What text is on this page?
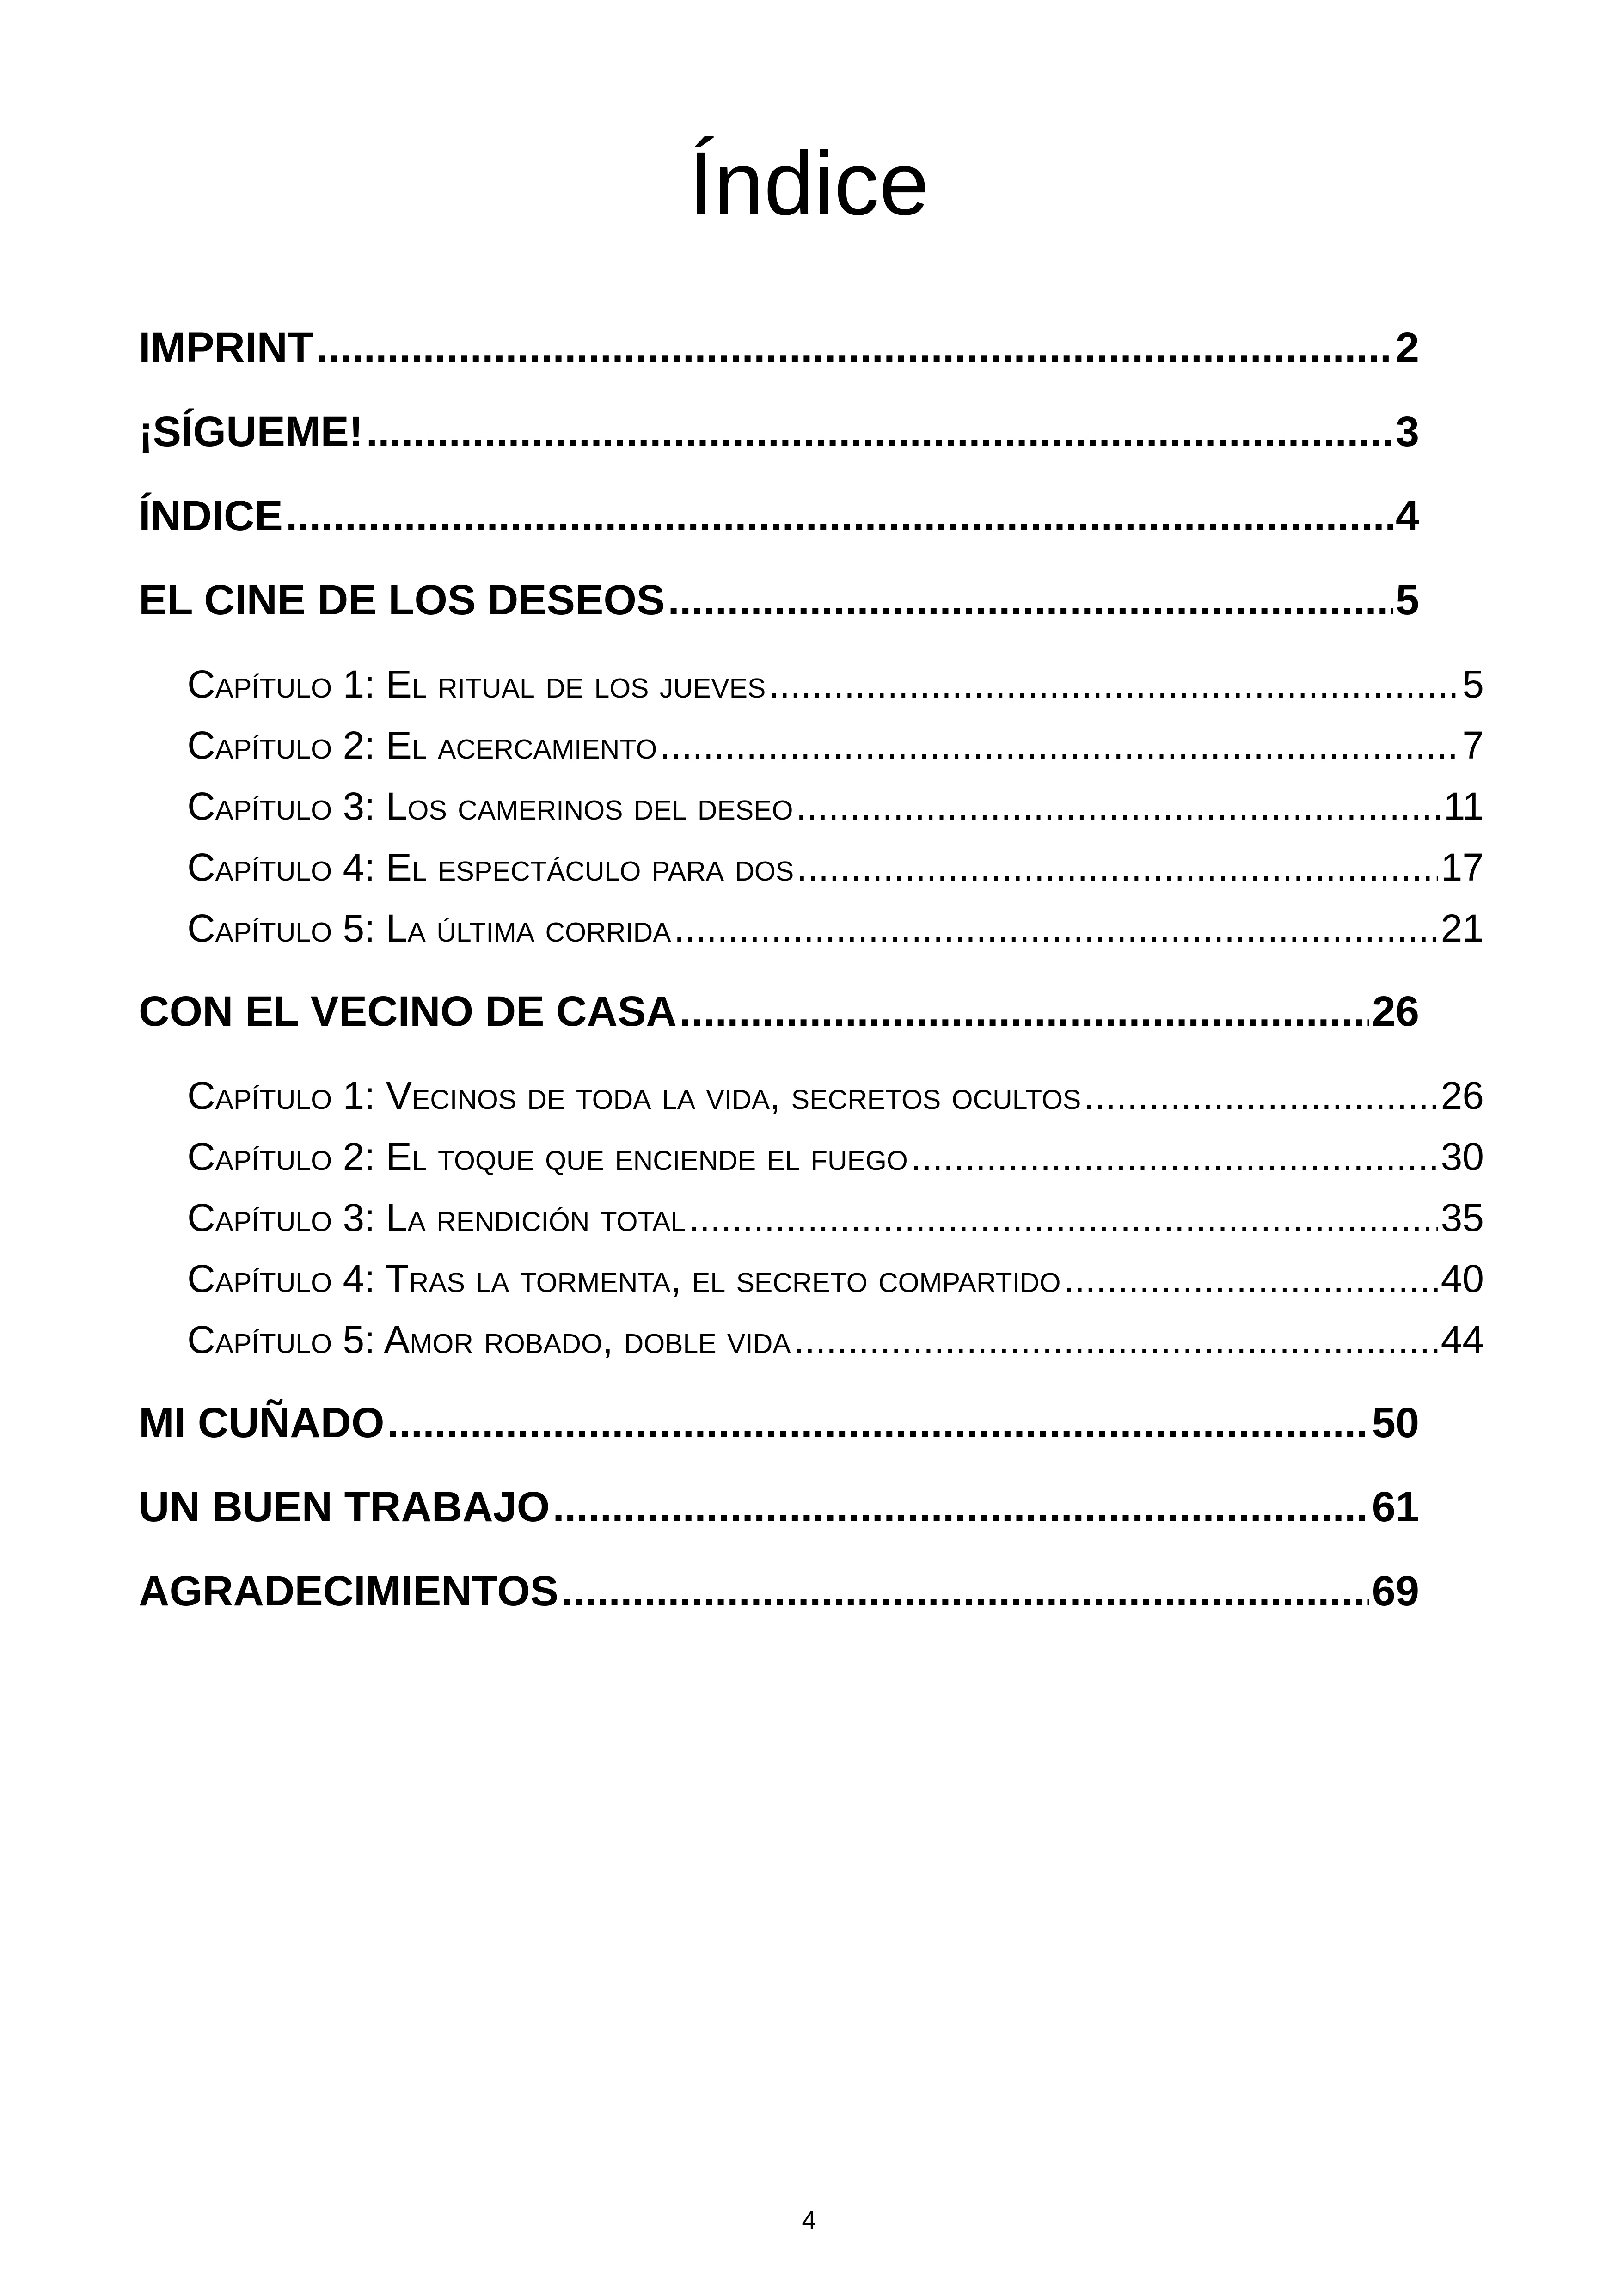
Índice
IMPRINT .....	2
¡SÍGUEME! .....	3
ÍNDICE .....	4
EL CINE DE LOS DESEOS .....	5
Capítulo 1: El ritual de los jueves .....	5
Capítulo 2: El acercamiento .....	7
Capítulo 3: Los camerinos del deseo .....	11
Capítulo 4: El espectáculo para dos .....	17
Capítulo 5: La última corrida .....	21
CON EL VECINO DE CASA .....	26
Capítulo 1: Vecinos de toda la vida, secretos ocultos .....	26
Capítulo 2: El toque que enciende el fuego .....	30
Capítulo 3: La rendición total .....	35
Capítulo 4: Tras la tormenta, el secreto compartido .....	40
Capítulo 5: Amor robado, doble vida .....	44
MI CUÑADO .....	50
UN BUEN TRABAJO .....	61
AGRADECIMIENTOS .....	69
4
